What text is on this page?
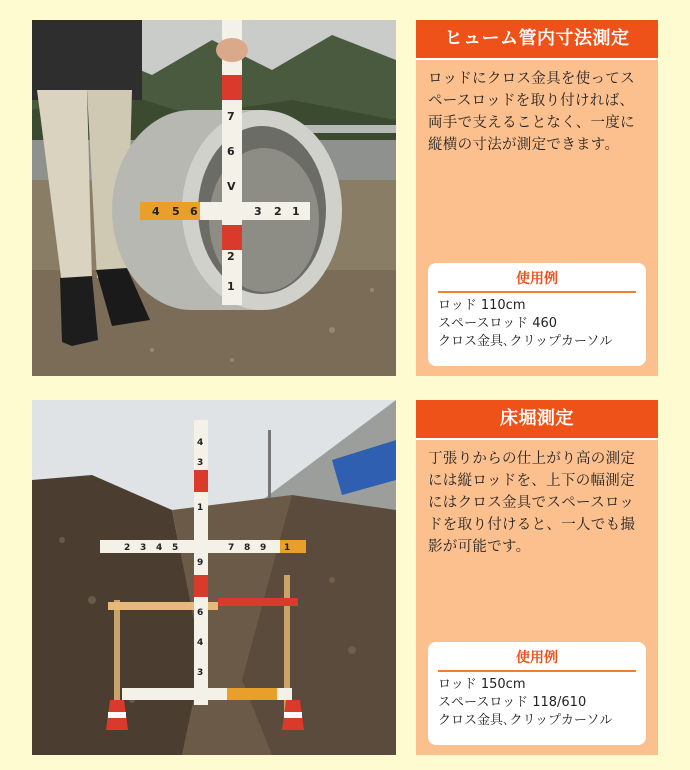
7
6
V
2
1
4 5 6	3 2 1
ヒューム管内寸法測定
ロッドにクロス金具を使ってスペースロッドを取り付ければ、両手で支えることなく、一度に縦横の寸法が測定できます。
使用例
ロッド 110cm
スペースロッド 460
クロス金具､クリップカーソル
4
3
1
9
6
4
3
2 3 4 5	7 8 9 1
床堀測定
丁張りからの仕上がり高の測定には縦ロッドを、上下の幅測定にはクロス金具でスペースロッドを取り付けると、一人でも撮影が可能です。
使用例
ロッド 150cm
スペースロッド 118/610
クロス金具､クリップカーソル
